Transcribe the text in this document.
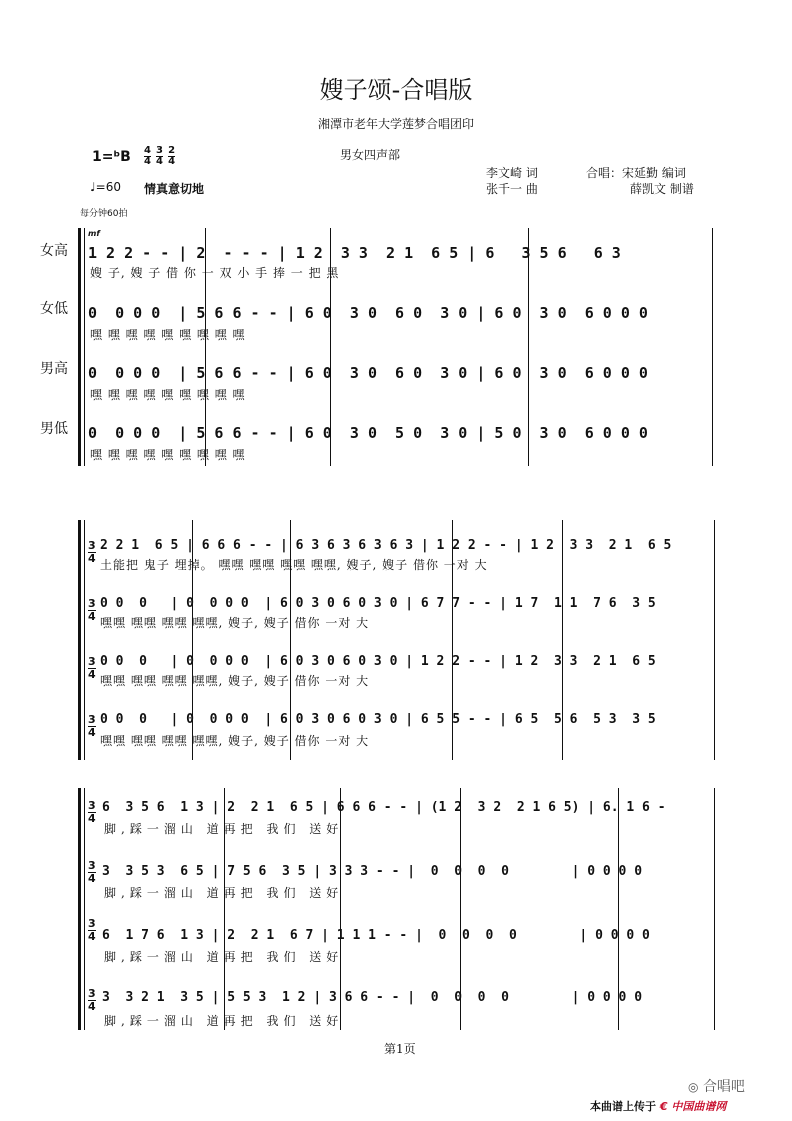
嫂子颂-合唱版
湘潭市老年大学莲梦合唱团印
1=ᵇB $\frac{4}{4}$
$\frac{3}{4}$
$\frac{2}{4}$	男女四声部
李文崎 词	合唱：宋延勤 编词
张千一 曲	薛凯文 制谱
♩=60 情真意切地
每分钟60拍
女高
女低
男高
男低
mf
1 2 2 - - | 2  - - - | 1 2  3 3  2 1  6 5 | 6   3 5 6   6 3
嫂 子, 嫂 子 借 你 一 双 小 手 捧 一 把 黑
0  0 0 0  | 5 6 6 - - | 6 0  3 0  6 0  3 0 | 6 0  3 0  6 0 0 0
嘿 嘿 嘿 嘿 嘿 嘿 嘿 嘿 嘿
0  0 0 0  | 5 6 6 - - | 6 0  3 0  6 0  3 0 | 6 0  3 0  6 0 0 0
嘿 嘿 嘿 嘿 嘿 嘿 嘿 嘿 嘿
0  0 0 0  | 5 6 6 - - | 6 0  3 0  5 0  3 0 | 5 0  3 0  6 0 0 0
嘿 嘿 嘿 嘿 嘿 嘿 嘿 嘿 嘿
3
4
3
4
3
4
3
4
2 2 1  6 5 | 6 6 6 - - | 6 3 6 3 6 3 6 3 | 1 2 2 - - | 1 2  3 3  2 1  6 5
土能把 鬼子 埋掉。 嘿嘿 嘿嘿 嘿嘿 嘿嘿, 嫂子, 嫂子 借你 一对 大
0 0  0   | 0  0 0 0  | 6 0 3 0 6 0 3 0 | 6 7 7 - - | 1 7  1 1  7 6  3 5
嘿嘿 嘿嘿 嘿嘿 嘿嘿, 嫂子, 嫂子 借你 一对 大
0 0  0   | 0  0 0 0  | 6 0 3 0 6 0 3 0 | 1 2 2 - - | 1 2  3 3  2 1  6 5
嘿嘿 嘿嘿 嘿嘿 嘿嘿, 嫂子, 嫂子 借你 一对 大
0 0  0   | 0  0 0 0  | 6 0 3 0 6 0 3 0 | 6 5 5 - - | 6 5  5 6  5 3  3 5
嘿嘿 嘿嘿 嘿嘿 嘿嘿, 嫂子, 嫂子 借你 一对 大
3
4
3
4
3
4
3
4
6  3 5 6  1 3 | 2  2 1  6 5 | 6 6 6 - - | (1 2  3 2  2 1 6 5) | 6. 1 6 -
脚,踩一溜山 道再把 我们 送好
3  3 5 3  6 5 | 7 5 6  3 5 | 3 3 3 - - |  0  0  0  0        | 0 0 0 0
脚,踩一溜山 道再把 我们 送好
6  1 7 6  1 3 | 2  2 1  6 7 | 1 1 1 - - |  0  0  0  0        | 0 0 0 0
脚,踩一溜山 道再把 我们 送好
3  3 2 1  3 5 | 5 5 3  1 2 | 3 6 6 - - |  0  0  0  0        | 0 0 0 0
脚,踩一溜山 道再把 我们 送好
第1页
◎ 合唱吧
本曲谱上传于 € 中国曲谱网
